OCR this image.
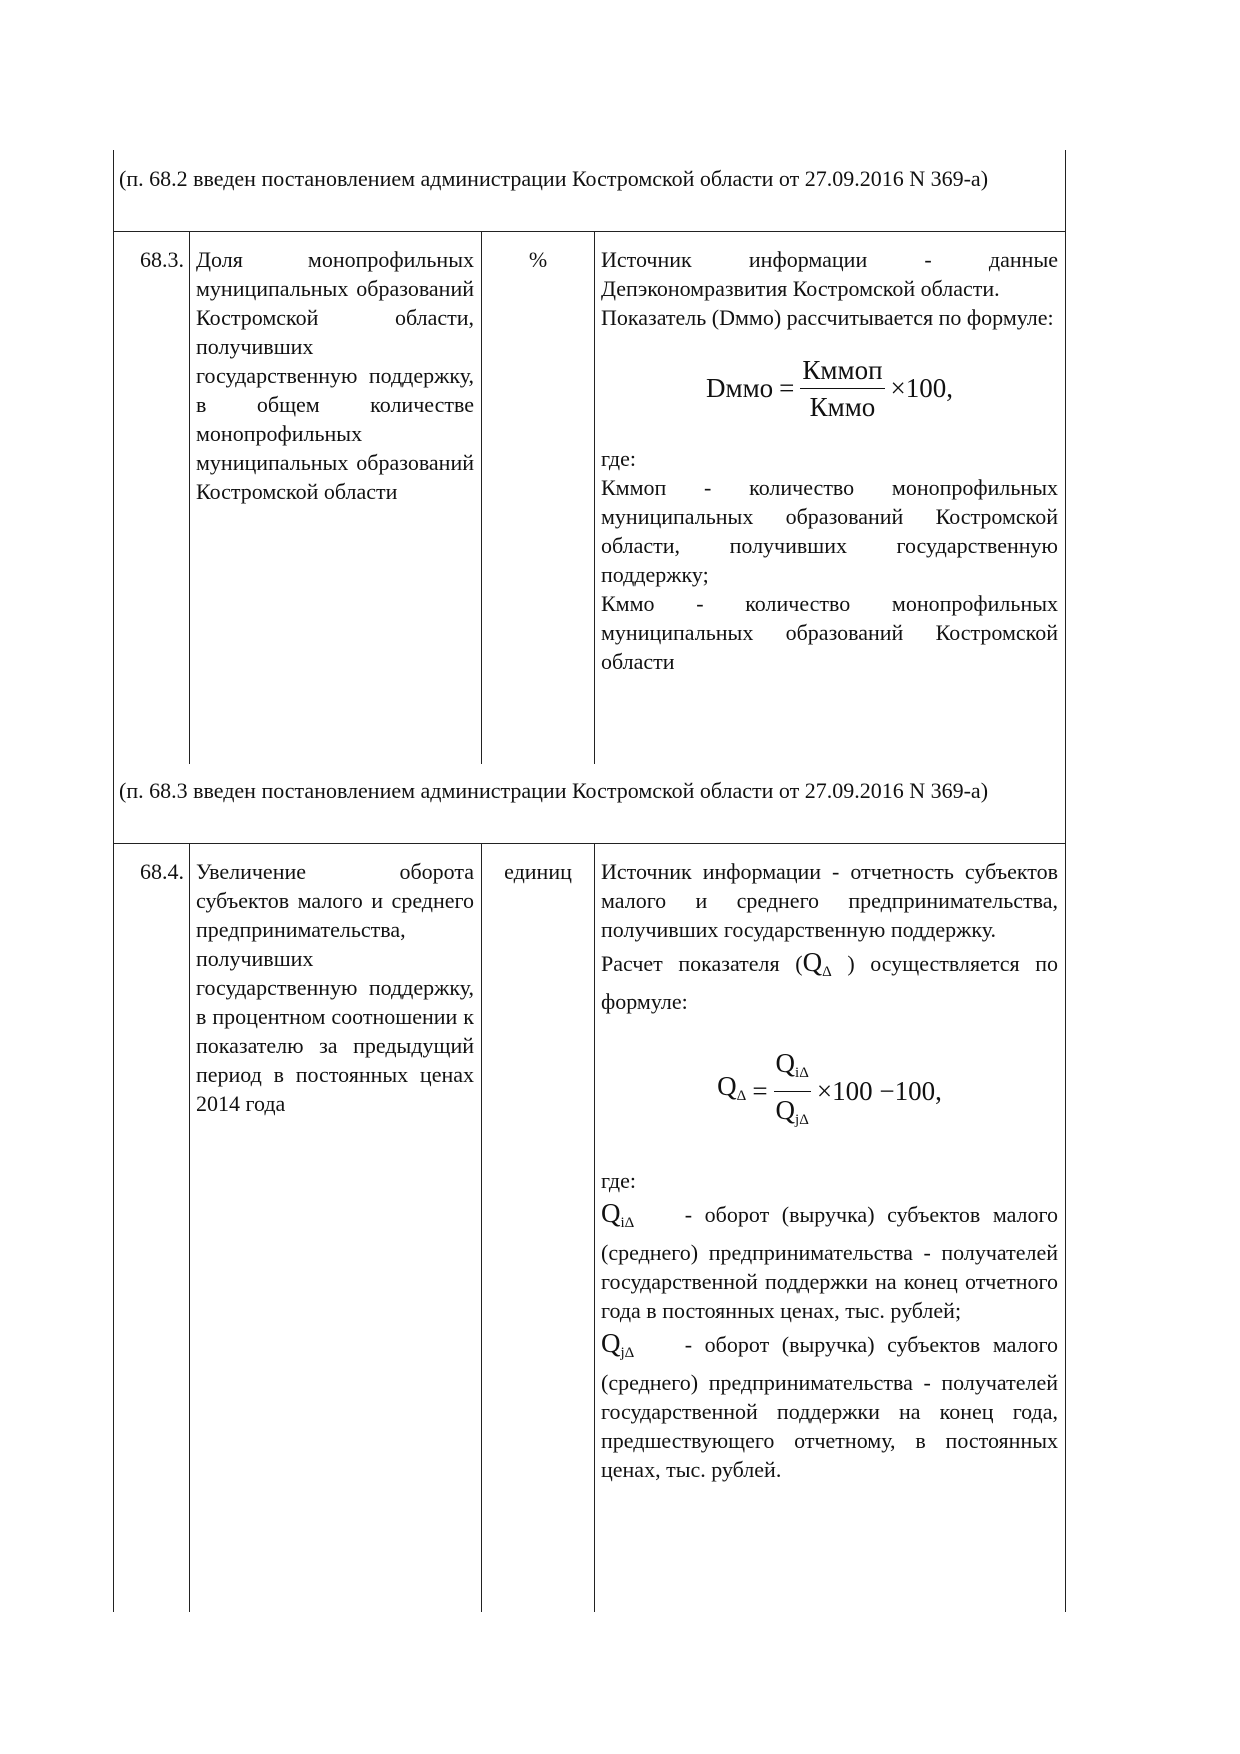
(п. 68.2 введен постановлением администрации Костромской области от 27.09.2016 N 369-а)
68.3. Доля монопрофильных муниципальных образований Костромской области, получивших государственную поддержку, в общем количестве монопрофильных муниципальных образований Костромской области
%	Источник информации - данные Депэкономразвития Костромской области.

Показатель (Dммо) рассчитывается по формуле:

Dммо = $\frac{\text{Кммоп}}{\text{Кммо}} \times 100$,

где:

Кммоп - количество монопрофильных муниципальных образований Костромской области, получивших государственную поддержку;

Кммо - количество монопрофильных муниципальных образований Костромской области

(п. 68.3 введен постановлением администрации Костромской области от 27.09.2016 N 369-а)
68.4. Увеличение оборота субъектов малого и среднего предпринимательства, получивших государственную поддержку, в процентном соотношении к показателю за предыдущий период в постоянных ценах 2014 года
единиц	Источник информации - отчетность субъектов малого и среднего предпринимательства, получивших государственную поддержку.

Расчет показателя ($Q_\Delta$ ) осуществляется по формуле:

$Q_\Delta = \frac{Q_{i\Delta}}{Q_{j\Delta}} \times 100 -100$,

где:

$Q_{i\Delta}$ - оборот (выручка) субъектов малого (среднего) предпринимательства - получателей государственной поддержки на конец отчетного года в постоянных ценах, тыс. рублей;

$Q_{j\Delta}$ - оборот (выручка) субъектов малого (среднего) предпринимательства - получателей государственной поддержки на конец года, предшествующего отчетному, в постоянных ценах, тыс. рублей.
